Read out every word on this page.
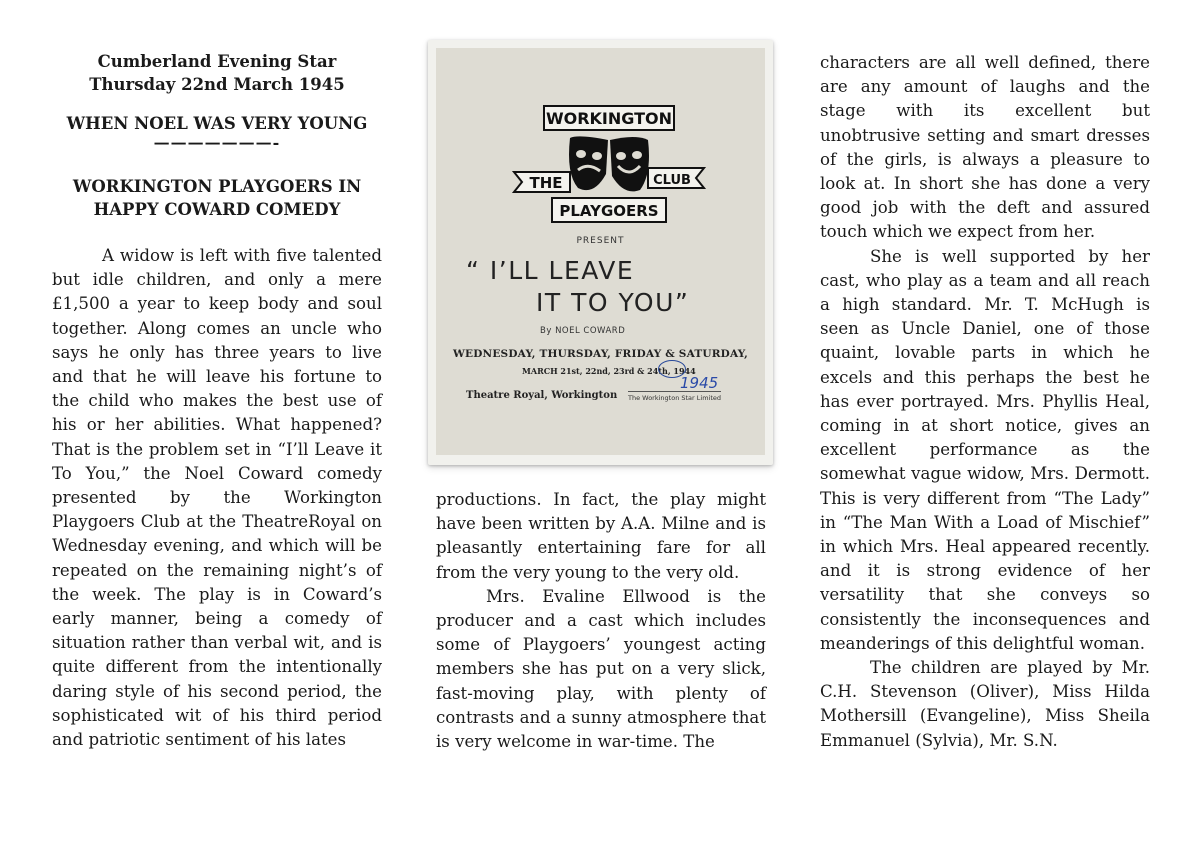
Cumberland Evening Star
Thursday 22nd March 1945
WHEN NOEL WAS VERY YOUNG
———————-
WORKINGTON PLAYGOERS IN
HAPPY COWARD COMEDY

A widow is left with five talented but idle children, and only a mere £1,500 a year to keep body and soul together. Along comes an uncle who says he only has three years to live and that he will leave his fortune to the child who makes the best use of his or her abilities. What happened? That is the problem set in “I’ll Leave it To You,” the Noel Coward comedy presented by the Workington Playgoers Club at the TheatreRoyal on Wednesday evening, and which will be repeated on the remaining night’s of the week. The play is in Coward’s early manner, being a comedy of situation rather than verbal wit, and is quite different from the intentionally daring style of his second period, the sophisticated wit of his third period and patriotic sentiment of his lates

WORKINGTON
THE	CLUB
PLAYGOERS
PRESENT
“ I’LL LEAVE
IT TO YOU”
By NOEL COWARD
WEDNESDAY, THURSDAY, FRIDAY & SATURDAY,
MARCH 21st, 22nd, 23rd & 24th, 1944
1945
Theatre Royal, Workington The Workington Star Limited

productions. In fact, the play might have been written by A.A. Milne and is pleasantly entertaining fare for all from the very young to the very old.

Mrs. Evaline Ellwood is the producer and a cast which includes some of Playgoers’ youngest acting members she has put on a very slick, fast-moving play, with plenty of contrasts and a sunny atmosphere that is very welcome in war-time. The

characters are all well defined, there are any amount of laughs and the stage with its excellent but unobtrusive setting and smart dresses of the girls, is always a pleasure to look at. In short she has done a very good job with the deft and assured touch which we expect from her.

She is well supported by her cast, who play as a team and all reach a high standard. Mr. T. McHugh is seen as Uncle Daniel, one of those quaint, lovable parts in which he excels and this perhaps the best he has ever portrayed. Mrs. Phyllis Heal, coming in at short notice, gives an excellent performance as the somewhat vague widow, Mrs. Dermott. This is very different from “The Lady” in “The Man With a Load of Mischief” in which Mrs. Heal appeared recently. and it is strong evidence of her versatility that she conveys so consistently the inconsequences and meanderings of this delightful woman.

The children are played by Mr. C.H. Stevenson (Oliver), Miss Hilda Mothersill (Evangeline), Miss Sheila Emmanuel (Sylvia), Mr. S.N.
